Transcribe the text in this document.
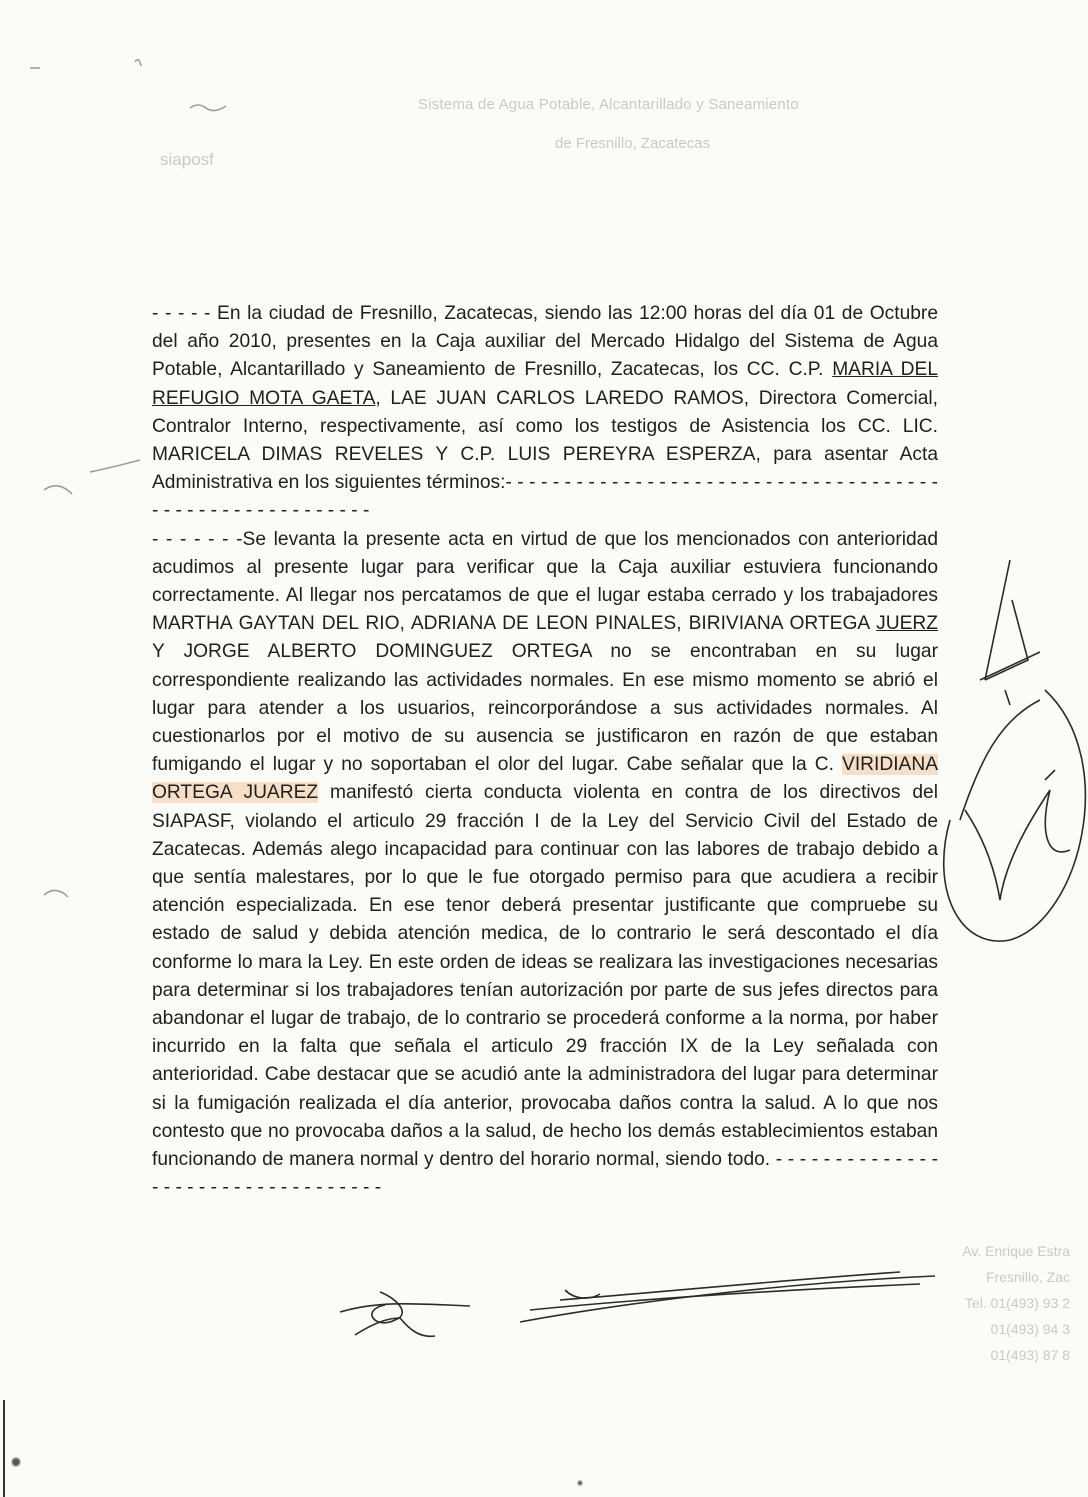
siaposf
Sistema de Agua Potable, Alcantarillado y Saneamiento
de Fresnillo, Zacatecas

- - - - - En la ciudad de Fresnillo, Zacatecas, siendo las 12:00 horas del día 01 de Octubre del año 2010, presentes en la Caja auxiliar del Mercado Hidalgo del Sistema de Agua Potable, Alcantarillado y Saneamiento de Fresnillo, Zacatecas, los CC. C.P. MARIA DEL REFUGIO MOTA GAETA, LAE JUAN CARLOS LAREDO RAMOS, Directora Comercial, Contralor Interno, respectivamente, así como los testigos de Asistencia los CC. LIC. MARICELA DIMAS REVELES Y C.P. LUIS PEREYRA ESPERZA, para asentar Acta Administrativa en los siguientes términos:- - - - - - - - - - - - - - - - - - - - - - - - - - - - - - - - - - - - - - - - - - - - - - - - - - - - - - - -

- - - - - - -Se levanta la presente acta en virtud de que los mencionados con anterioridad acudimos al presente lugar para verificar que la Caja auxiliar estuviera funcionando correctamente. Al llegar nos percatamos de que el lugar estaba cerrado y los trabajadores MARTHA GAYTAN DEL RIO, ADRIANA DE LEON PINALES, BIRIVIANA ORTEGA JUERZ Y JORGE ALBERTO DOMINGUEZ ORTEGA no se encontraban en su lugar correspondiente realizando las actividades normales. En ese mismo momento se abrió el lugar para atender a los usuarios, reincorporándose a sus actividades normales. Al cuestionarlos por el motivo de su ausencia se justificaron en razón de que estaban fumigando el lugar y no soportaban el olor del lugar. Cabe señalar que la C. VIRIDIANA ORTEGA JUAREZ manifestó cierta conducta violenta en contra de los directivos del SIAPASF, violando el articulo 29 fracción I de la Ley del Servicio Civil del Estado de Zacatecas. Además alego incapacidad para continuar con las labores de trabajo debido a que sentía malestares, por lo que le fue otorgado permiso para que acudiera a recibir atención especializada. En ese tenor deberá presentar justificante que compruebe su estado de salud y debida atención medica, de lo contrario le será descontado el día conforme lo mara la Ley. En este orden de ideas se realizara las investigaciones necesarias para determinar si los trabajadores tenían autorización por parte de sus jefes directos para abandonar el lugar de trabajo, de lo contrario se procederá conforme a la norma, por haber incurrido en la falta que señala el articulo 29 fracción IX de la Ley señalada con anterioridad. Cabe destacar que se acudió ante la administradora del lugar para determinar si la fumigación realizada el día anterior, provocaba daños contra la salud. A lo que nos contesto que no provocaba daños a la salud, de hecho los demás establecimientos estaban funcionando de manera normal y dentro del horario normal, siendo todo. - - - - - - - - - - - - - - - - - - - - - - - - - - - - - - - - - -

Av. Enrique Estra
Fresnillo, Zac
Tel. 01(493) 93 2
01(493) 94 3
01(493) 87 8
